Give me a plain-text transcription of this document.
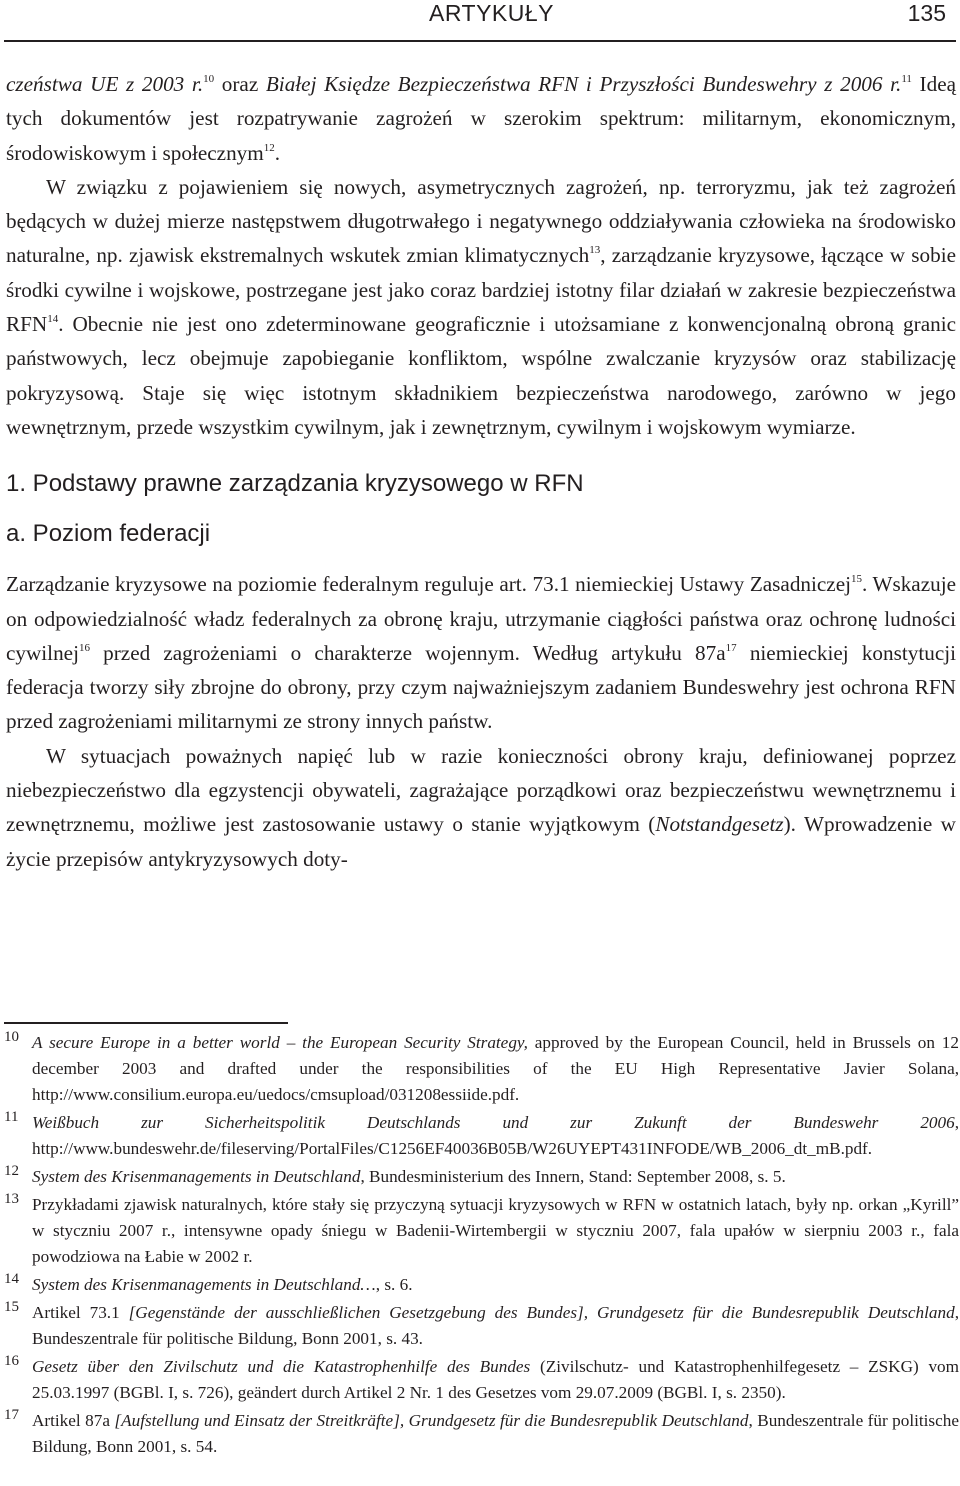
ARTYKUŁY	135

czeństwa UE z 2003 r.$^{10}$ oraz Białej Księdze Bezpieczeństwa RFN i Przyszłości Bundeswehry z 2006 r.$^{11}$ Ideą tych dokumentów jest rozpatrywanie zagrożeń w szerokim spektrum: militarnym, ekonomicznym, środowiskowym i społecznym$^{12}$.

W związku z pojawieniem się nowych, asymetrycznych zagrożeń, np. terroryzmu, jak też zagrożeń będących w dużej mierze następstwem długotrwałego i negatywnego oddziaływania człowieka na środowisko naturalne, np. zjawisk ekstremalnych wskutek zmian klimatycznych$^{13}$, zarządzanie kryzysowe, łączące w sobie środki cywilne i wojskowe, postrzegane jest jako coraz bardziej istotny filar działań w zakresie bezpieczeństwa RFN$^{14}$. Obecnie nie jest ono zdeterminowane geograficznie i utożsamiane z konwencjonalną obroną granic państwowych, lecz obejmuje zapobieganie konfliktom, wspólne zwalczanie kryzysów oraz stabilizację pokryzysową. Staje się więc istotnym składnikiem bezpieczeństwa narodowego, zarówno w jego wewnętrznym, przede wszystkim cywilnym, jak i zewnętrznym, cywilnym i wojskowym wymiarze.

1. Podstawy prawne zarządzania kryzysowego w RFN
a. Poziom federacji

Zarządzanie kryzysowe na poziomie federalnym reguluje art. 73.1 niemieckiej Ustawy Zasadniczej$^{15}$. Wskazuje on odpowiedzialność władz federalnych za obronę kraju, utrzymanie ciągłości państwa oraz ochronę ludności cywilnej$^{16}$ przed zagrożeniami o charakterze wojennym. Według artykułu $87a^{17}$ niemieckiej konstytucji federacja tworzy siły zbrojne do obrony, przy czym najważniejszym zadaniem Bundeswehry jest ochrona RFN przed zagrożeniami militarnymi ze strony innych państw.

W sytuacjach poważnych napięć lub w razie konieczności obrony kraju, definiowanej poprzez niebezpieczeństwo dla egzystencji obywateli, zagrażające porządkowi oraz bezpieczeństwu wewnętrznemu i zewnętrznemu, możliwe jest zastosowanie ustawy o stanie wyjątkowym (Notstandgesetz). Wprowadzenie w życie przepisów antykryzysowych doty-

10 A secure Europe in a better world – the European Security Strategy, approved by the European Council, held in Brussels on 12 december 2003 and drafted under the responsibilities of the EU High Representative Javier Solana, http://www.consilium.europa.eu/uedocs/cmsupload/031208essiide.pdf.
11 Weißbuch zur Sicherheitspolitik Deutschlands und zur Zukunft der Bundeswehr 2006, http://www.bundeswehr.de/fileserving/PortalFiles/C1256EF40036B05B/W26UYEPT431INFODE/WB_2006_dt_mB.pdf.
12 System des Krisenmanagements in Deutschland, Bundesministerium des Innern, Stand: September 2008, s. 5.
13 Przykładami zjawisk naturalnych, które stały się przyczyną sytuacji kryzysowych w RFN w ostatnich latach, były np. orkan „Kyrill” w styczniu 2007 r., intensywne opady śniegu w Badenii-Wirtembergii w styczniu 2007, fala upałów w sierpniu 2003 r., fala powodziowa na Łabie w 2002 r.
14 System des Krisenmanagements in Deutschland…, s. 6.
15 Artikel 73.1 [Gegenstände der ausschließlichen Gesetzgebung des Bundes], Grundgesetz für die Bundesrepublik Deutschland, Bundeszentrale für politische Bildung, Bonn 2001, s. 43.
16 Gesetz über den Zivilschutz und die Katastrophenhilfe des Bundes (Zivilschutz- und Katastrophenhilfegesetz – ZSKG) vom 25.03.1997 (BGBl. I, s. 726), geändert durch Artikel 2 Nr. 1 des Gesetzes vom 29.07.2009 (BGBl. I, s. 2350).
17 Artikel 87a [Aufstellung und Einsatz der Streitkräfte], Grundgesetz für die Bundesrepublik Deutschland, Bundeszentrale für politische Bildung, Bonn 2001, s. 54.
